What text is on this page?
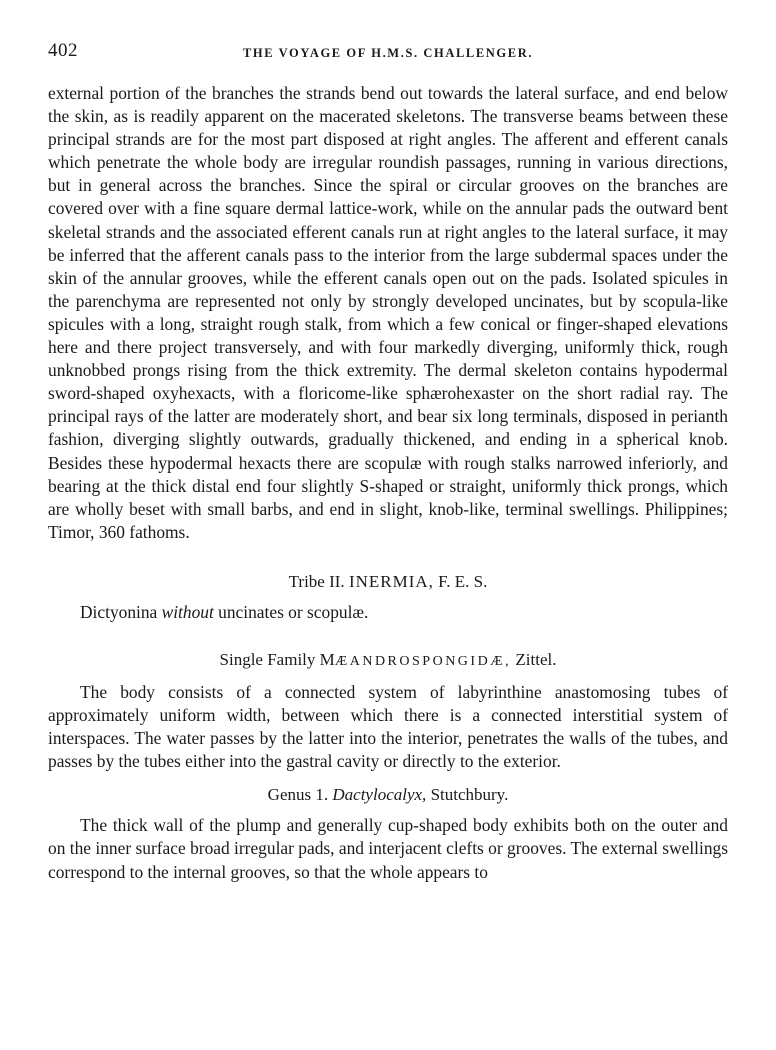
402	THE VOYAGE OF H.M.S. CHALLENGER.

external portion of the branches the strands bend out towards the lateral surface, and end below the skin, as is readily apparent on the macerated skeletons. The transverse beams between these principal strands are for the most part disposed at right angles. The afferent and efferent canals which penetrate the whole body are irregular roundish passages, running in various directions, but in general across the branches. Since the spiral or circular grooves on the branches are covered over with a fine square dermal lattice-work, while on the annular pads the outward bent skeletal strands and the associated efferent canals run at right angles to the lateral surface, it may be inferred that the afferent canals pass to the interior from the large subdermal spaces under the skin of the annular grooves, while the efferent canals open out on the pads. Isolated spicules in the parenchyma are represented not only by strongly developed uncinates, but by scopula-like spicules with a long, straight rough stalk, from which a few conical or finger-shaped elevations here and there project transversely, and with four markedly diverging, uniformly thick, rough unknobbed prongs rising from the thick extremity. The dermal skeleton contains hypodermal sword-shaped oxyhexacts, with a floricome-like sphærohexaster on the short radial ray. The principal rays of the latter are moderately short, and bear six long terminals, disposed in perianth fashion, diverging slightly outwards, gradually thickened, and ending in a spherical knob. Besides these hypodermal hexacts there are scopulæ with rough stalks narrowed inferiorly, and bearing at the thick distal end four slightly S-shaped or straight, uniformly thick prongs, which are wholly beset with small barbs, and end in slight, knob-like, terminal swellings. Philippines; Timor, 360 fathoms.

Tribe II. INERMIA, F. E. S.

Dictyonina without uncinates or scopulæ.

Single Family MÆANDROSPONGIDÆ, Zittel.

The body consists of a connected system of labyrinthine anastomosing tubes of approximately uniform width, between which there is a connected interstitial system of interspaces. The water passes by the latter into the interior, penetrates the walls of the tubes, and passes by the tubes either into the gastral cavity or directly to the exterior.

Genus 1. Dactylocalyx, Stutchbury.

The thick wall of the plump and generally cup-shaped body exhibits both on the outer and on the inner surface broad irregular pads, and interjacent clefts or grooves. The external swellings correspond to the internal grooves, so that the whole appears to
